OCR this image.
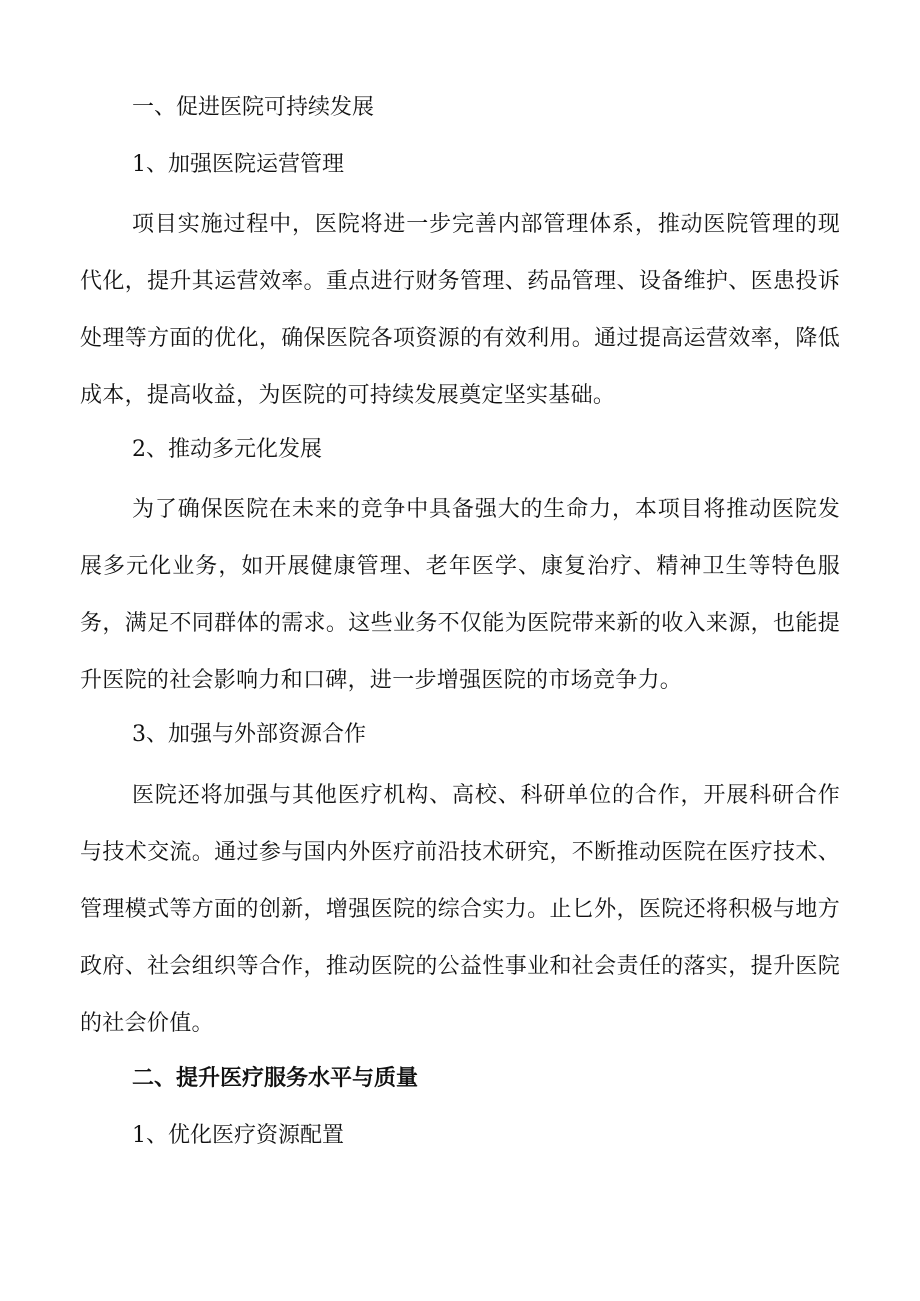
一、促进医院可持续发展
1、加强医院运营管理
项目实施过程中，医院将进一步完善内部管理体系，推动医院管理的现代化，提升其运营效率。重点进行财务管理、药品管理、设备维护、医患投诉处理等方面的优化，确保医院各项资源的有效利用。通过提高运营效率，降低成本，提高收益，为医院的可持续发展奠定坚实基础。
2、推动多元化发展
为了确保医院在未来的竞争中具备强大的生命力，本项目将推动医院发展多元化业务，如开展健康管理、老年医学、康复治疗、精神卫生等特色服务，满足不同群体的需求。这些业务不仅能为医院带来新的收入来源，也能提升医院的社会影响力和口碑，进一步增强医院的市场竞争力。
3、加强与外部资源合作
医院还将加强与其他医疗机构、高校、科研单位的合作，开展科研合作与技术交流。通过参与国内外医疗前沿技术研究，不断推动医院在医疗技术、管理模式等方面的创新，增强医院的综合实力。止匕外，医院还将积极与地方政府、社会组织等合作，推动医院的公益性事业和社会责任的落实，提升医院的社会价值。
二、提升医疗服务水平与质量
1、优化医疗资源配置
